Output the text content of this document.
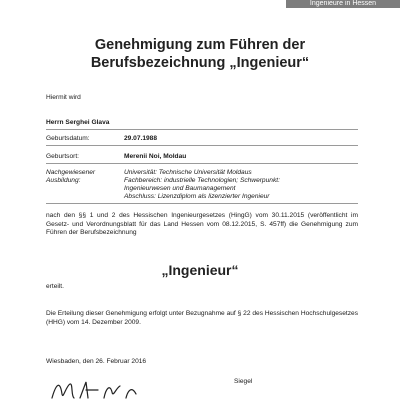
Ingenieure in Hessen
Genehmigung zum Führen der
Berufsbezeichnung „Ingenieur“
Hiermit wird
Herrn Serghei Glava
Geburtsdatum:	29.07.1988
Geburtsort:	Merenii Noi, Moldau
Nachgewiesener
Ausbildung:
Universität: Technische Universität Moldaus
Fachbereich: industrielle Technologien; Schwerpunkt:
Ingenieurwesen und Baumanagement
Abschluss: Lizenzdiplom als lizenzierter Ingenieur
nach den §§ 1 und 2 des Hessischen Ingenieurgesetzes (HingG) vom 30.11.2015 (veröffentlicht im Gesetz- und Verordnungsblatt für das Land Hessen vom 08.12.2015, S. 457ff) die Genehmigung zum Führen der Berufsbezeichnung
„Ingenieur“
erteilt.
Die Erteilung dieser Genehmigung erfolgt unter Bezugnahme auf § 22 des Hessischen Hochschulgesetzes (HHG) vom 14. Dezember 2009.
Wiesbaden, den 26. Februar 2016
Siegel
